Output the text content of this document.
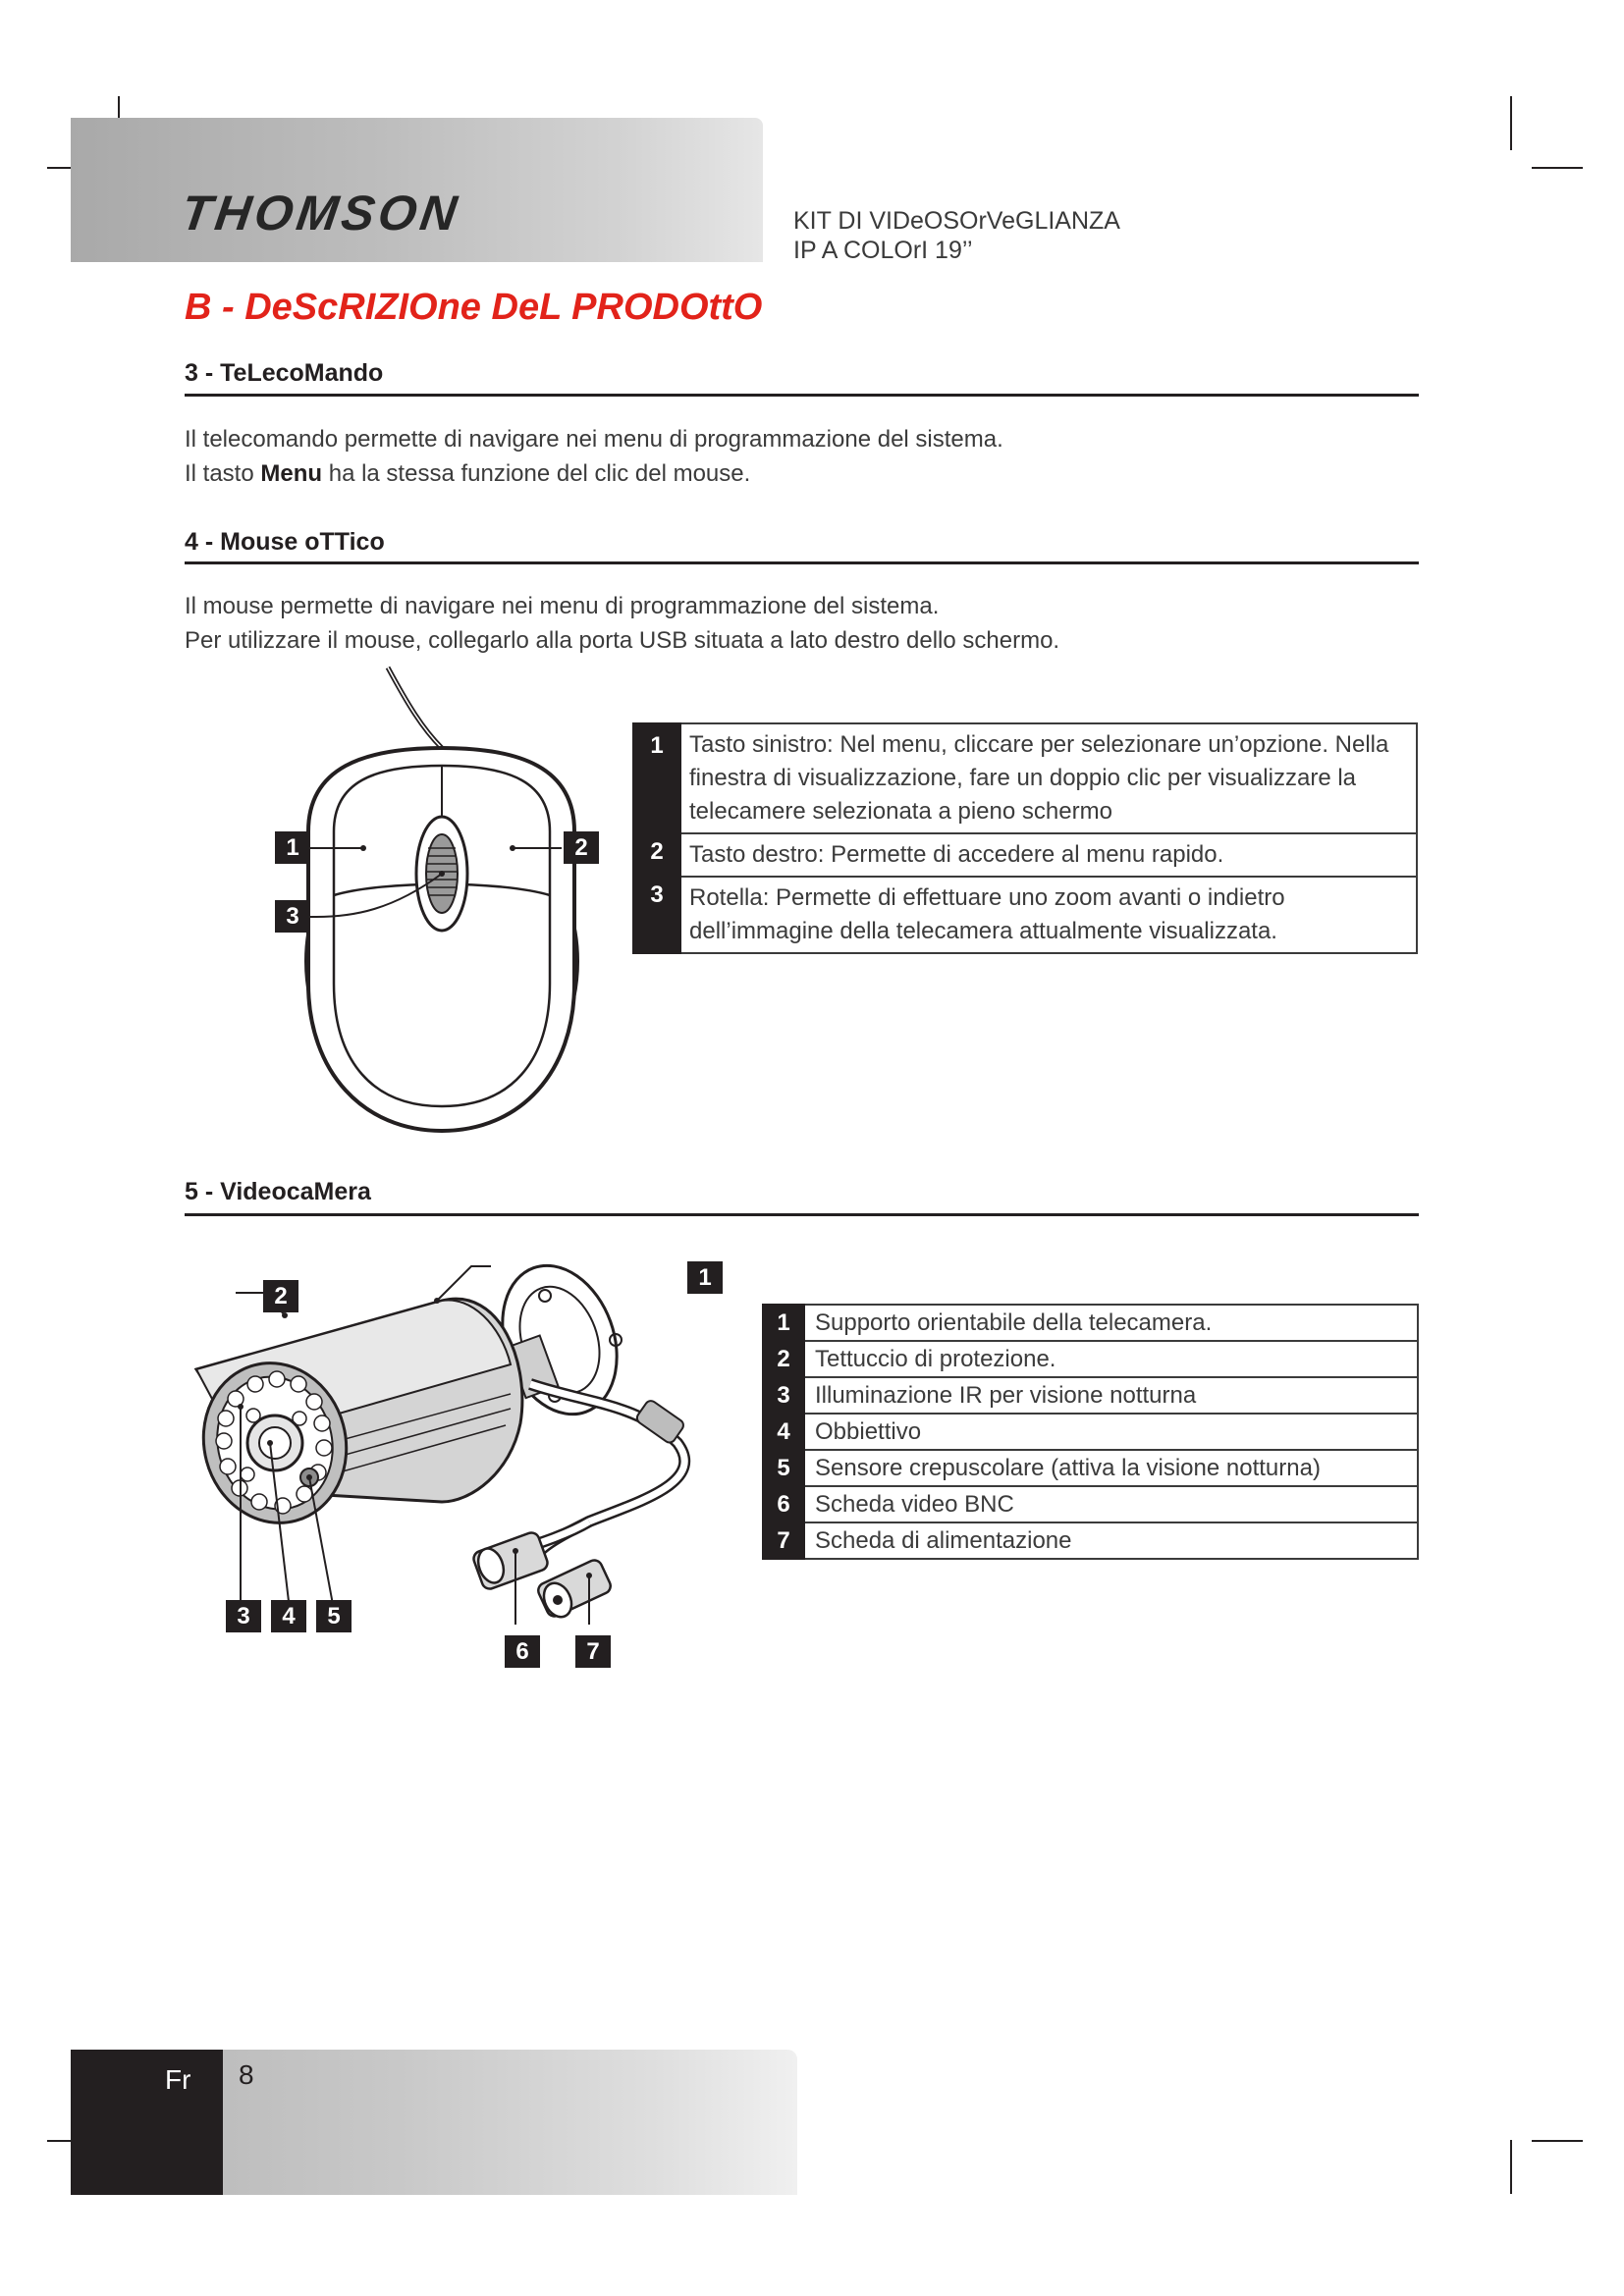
THOMSON	KIT DI VIDeOSOrVeGLIANZA
IP A COLOrI 19’’
B - DeScRIZIOne DeL PRODOttO
3 - TeLecoMando
Il telecomando permette di navigare nei menu di programmazione del sistema.
Il tasto Menu ha la stessa funzione del clic del mouse.
4 - Mouse oTTico
Il mouse permette di navigare nei menu di programmazione del sistema.
Per utilizzare il mouse, collegarlo alla porta USB situata a lato destro dello schermo.
1	2
3
1	Tasto sinistro: Nel menu, cliccare per selezionare un’opzione. Nella finestra di visualizzazione, fare un doppio clic per visualizzare la telecamere selezionata a pieno schermo
2	Tasto destro: Permette di accedere al menu rapido.
3	Rotella: Permette di effettuare uno zoom avanti o indietro dell’immagine della telecamera attualmente visualizzata.
5 - VideocaMera
1
2
3	4	5
6	7
1	Supporto orientabile della telecamera.
2	Tettuccio di protezione.
3	Illuminazione IR per visione notturna
4	Obbiettivo
5	Sensore crepuscolare (attiva la visione notturna)
6	Scheda video BNC
7	Scheda di alimentazione
Fr 8
